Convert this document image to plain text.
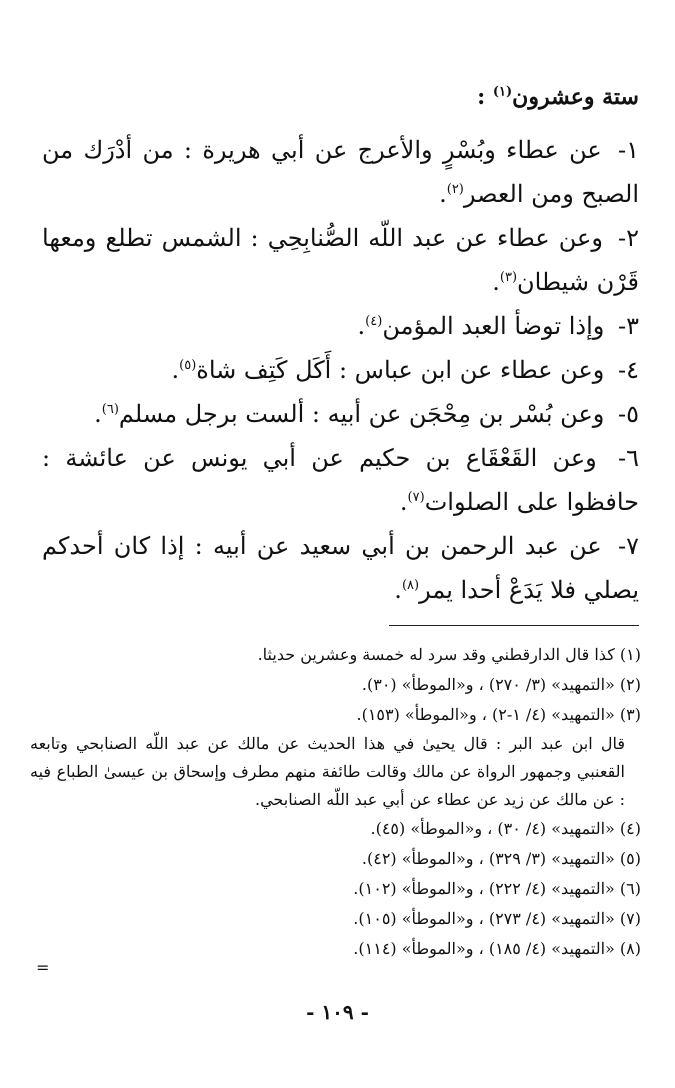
ستة وعشرون$^{(١)}$ :

١- عن عطاء وبُسْرٍ والأعرج عن أبي هريرة : من أدْرَك من الصبح ومن العصر$^{(٢)}$.

٢- وعن عطاء عن عبد اللّه الصُّنابِحِي : الشمس تطلع ومعها قَرْن شيطان$^{(٣)}$.

٣- وإذا توضأ العبد المؤمن$^{(٤)}$.

٤- وعن عطاء عن ابن عباس : أَكَل كَتِف شاة$^{(٥)}$.

٥- وعن بُسْر بن مِحْجَن عن أبيه : ألست برجل مسلم$^{(٦)}$.

٦- وعن القَعْقَاع بن حكيم عن أبي يونس عن عائشة : حافظوا على الصلوات$^{(٧)}$.

٧- عن عبد الرحمن بن أبي سعيد عن أبيه : إذا كان أحدكم يصلي فلا يَدَعْ أحدا يمر$^{(٨)}$.

(١) كذا قال الدارقطني وقد سرد له خمسة وعشرين حديثا.

(٢) «التمهيد» (٣/ ٢٧٠) ، و«الموطأ» (٣٠).

(٣) «التمهيد» (٤/ ١-٢) ، و«الموطأ» (١٥٣).

قال ابن عبد البر : قال يحيىٰ في هذا الحديث عن مالك عن عبد اللّه الصنابحي وتابعه القعنبي وجمهور الرواة عن مالك وقالت طائفة منهم مطرف وإسحاق بن عيسىٰ الطباع فيه : عن مالك عن زيد عن عطاء عن أبي عبد اللّه الصنابحي.

(٤) «التمهيد» (٤/ ٣٠) ، و«الموطأ» (٤٥).

(٥) «التمهيد» (٣/ ٣٢٩) ، و«الموطأ» (٤٢).

(٦) «التمهيد» (٤/ ٢٢٢) ، و«الموطأ» (١٠٢).

(٧) «التمهيد» (٤/ ٢٧٣) ، و«الموطأ» (١٠٥).

(٨) «التمهيد» (٤/ ١٨٥) ، و«الموطأ» (١١٤).

=
- ١٠٩ -
